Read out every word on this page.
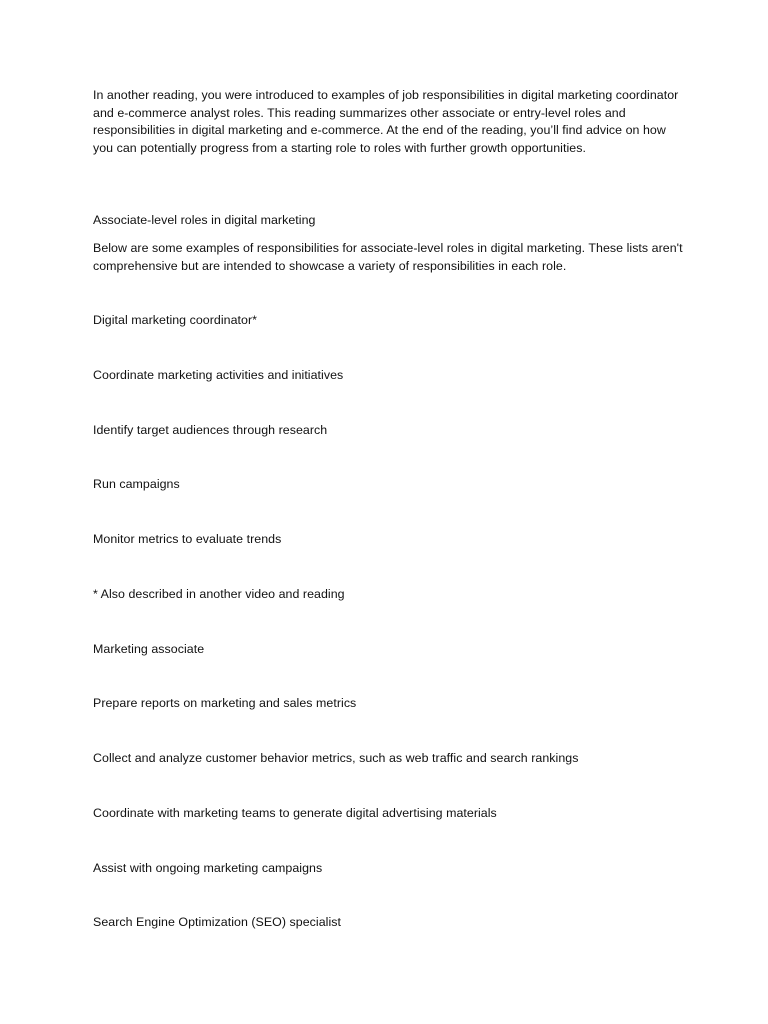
In another reading, you were introduced to examples of job responsibilities in digital marketing coordinator and e-commerce analyst roles. This reading summarizes other associate or entry-level roles and responsibilities in digital marketing and e-commerce. At the end of the reading, you’ll find advice on how you can potentially progress from a starting role to roles with further growth opportunities.
Associate-level roles in digital marketing
Below are some examples of responsibilities for associate-level roles in digital marketing. These lists aren't comprehensive but are intended to showcase a variety of responsibilities in each role.
Digital marketing coordinator*
Coordinate marketing activities and initiatives
Identify target audiences through research
Run campaigns
Monitor metrics to evaluate trends
* Also described in another video and reading
Marketing associate
Prepare reports on marketing and sales metrics
Collect and analyze customer behavior metrics, such as web traffic and search rankings
Coordinate with marketing teams to generate digital advertising materials
Assist with ongoing marketing campaigns
Search Engine Optimization (SEO) specialist
